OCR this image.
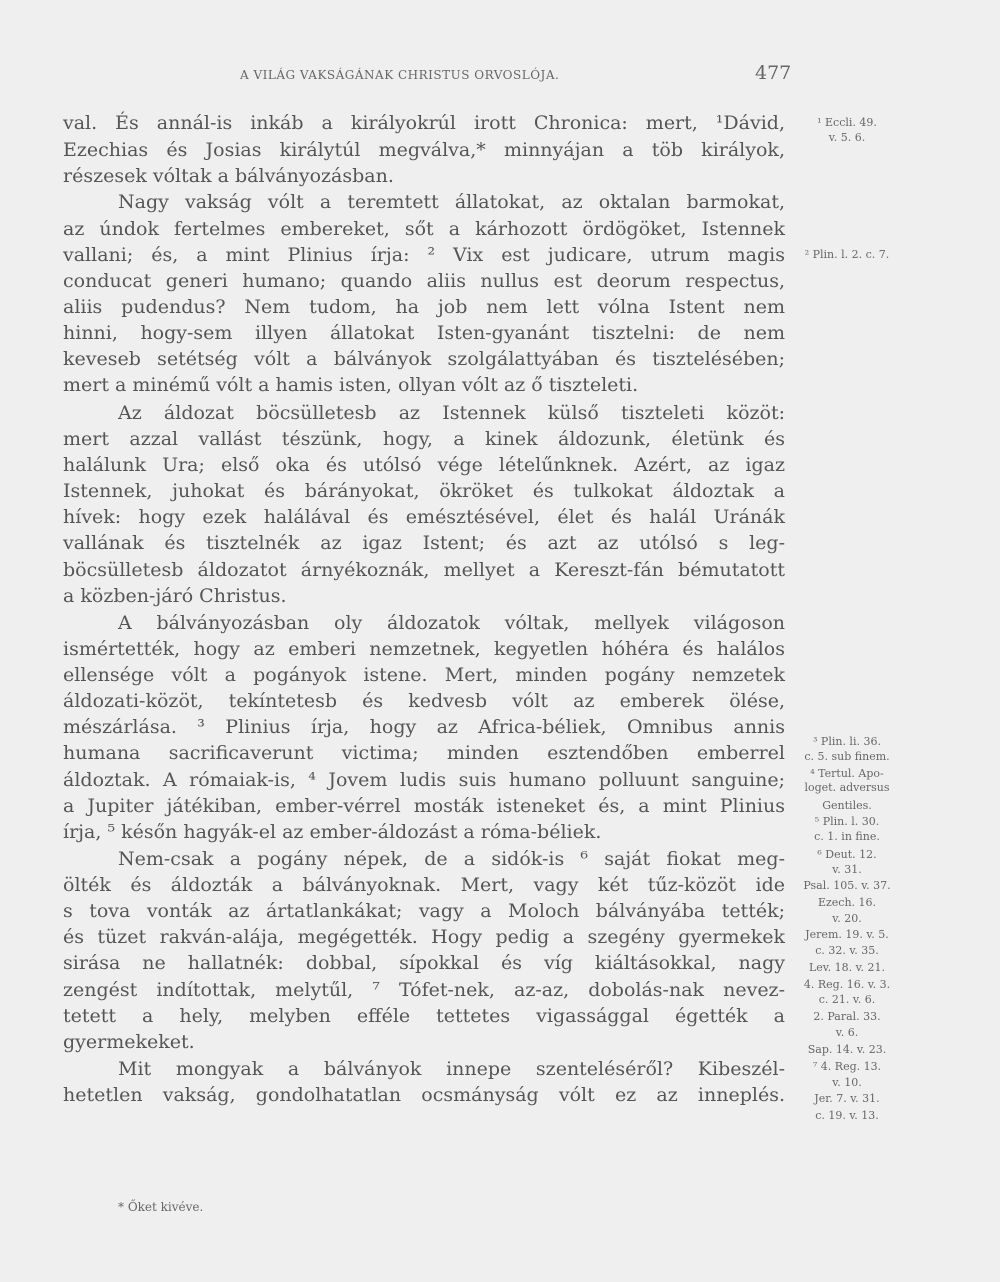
A VILÁG VAKSÁGÁNAK CHRISTUS ORVOSLÓJA.	477
val. És annál-is inkáb a királyokrúl irott Chronica: mert, ¹Dávid,
Ezechias és Josias királytúl megválva,* minnyájan a töb királyok,
részesek vóltak a bálványozásban.
Nagy vakság vólt a teremtett állatokat, az oktalan barmokat,
az úndok fertelmes embereket, sőt a kárhozott ördögöket, Istennek
vallani; és, a mint Plinius írja: ² Vix est judicare, utrum magis
conducat generi humano; quando aliis nullus est deorum respectus,
aliis pudendus? Nem tudom, ha job nem lett vólna Istent nem
hinni, hogy-sem illyen állatokat Isten-gyanánt tisztelni: de nem
keveseb setétség vólt a bálványok szolgálattyában és tisztelésében;
mert a minémű vólt a hamis isten, ollyan vólt az ő tiszteleti.
Az áldozat böcsülletesb az Istennek külső tiszteleti közöt:
mert azzal vallást tészünk, hogy, a kinek áldozunk, életünk és
halálunk Ura; első oka és utólsó vége lételűnknek. Azért, az igaz
Istennek, juhokat és bárányokat, ökröket és tulkokat áldoztak a
hívek: hogy ezek halálával és emésztésével, élet és halál Uránák
vallának és tisztelnék az igaz Istent; és azt az utólsó s leg-
böcsülletesb áldozatot árnyékoznák, mellyet a Kereszt-fán bémutatott
a közben-járó Christus.
A bálványozásban oly áldozatok vóltak, mellyek világoson
ismértették, hogy az emberi nemzetnek, kegyetlen hóhéra és halálos
ellensége vólt a pogányok istene. Mert, minden pogány nemzetek
áldozati-közöt, tekíntetesb és kedvesb vólt az emberek ölése,
mészárlása. ³ Plinius írja, hogy az Africa-béliek, Omnibus annis
humana sacrificaverunt victima; minden esztendőben emberrel
áldoztak. A rómaiak-is, ⁴ Jovem ludis suis humano polluunt sanguine;
a Jupiter játékiban, ember-vérrel mosták isteneket és, a mint Plinius
írja, ⁵ későn hagyák-el az ember-áldozást a róma-béliek.
Nem-csak a pogány népek, de a sidók-is ⁶ saját fiokat meg-
ölték és áldozták a bálványoknak. Mert, vagy két tűz-közöt ide
s tova vonták az ártatlankákat; vagy a Moloch bálványába tették;
és tüzet rakván-alája, megégették. Hogy pedig a szegény gyermekek
sirása ne hallatnék: dobbal, sípokkal és víg kiáltásokkal, nagy
zengést indítottak, melytűl, ⁷ Tófet-nek, az-az, dobolás-nak nevez-
tetett a hely, melyben efféle tettetes vigassággal égették a
gyermekeket.
Mit mongyak a bálványok innepe szenteléséről? Kibeszél-
hetetlen vakság, gondolhatatlan ocsmányság vólt ez az inneplés.
¹ Eccli. 49.
v. 5. 6.
² Plin. l. 2. c. 7.
³ Plin. li. 36.
c. 5. sub finem.
⁴ Tertul. Apo-
loget. adversus
Gentiles.
⁵ Plin. l. 30.
c. 1. in fine.
⁶ Deut. 12.
v. 31.
Psal. 105. v. 37.
Ezech. 16.
v. 20.
Jerem. 19. v. 5.
c. 32. v. 35.
Lev. 18. v. 21.
4. Reg. 16. v. 3.
c. 21. v. 6.
2. Paral. 33.
v. 6.
Sap. 14. v. 23.
⁷ 4. Reg. 13.
v. 10.
Jer. 7. v. 31.
c. 19. v. 13.
* Őket kivéve.
